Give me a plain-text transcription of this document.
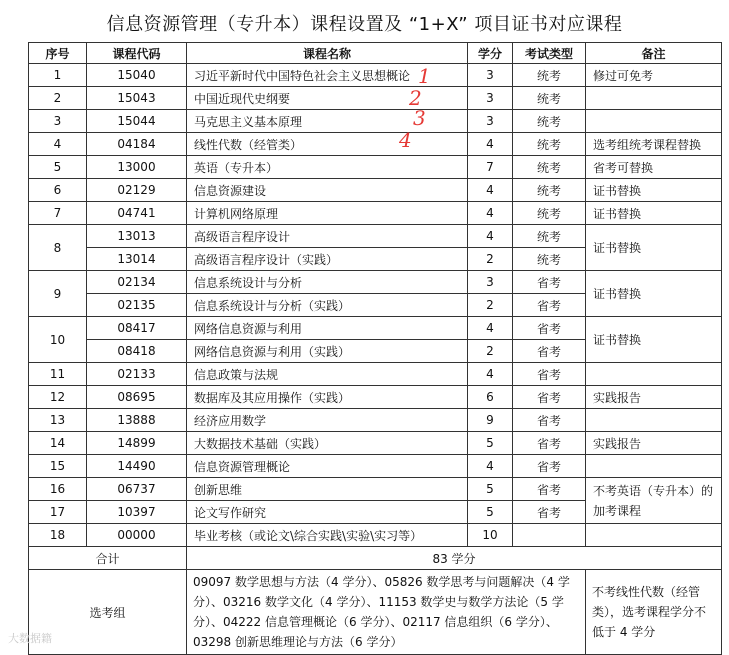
信息资源管理（专升本）课程设置及 “1+X” 项目证书对应课程
序号	课程代码	课程名称	学分	考试类型	备注
1	15040	习近平新时代中国特色社会主义思想概论	3	统考	修过可免考
2	15043	中国近现代史纲要	3	统考	
3	15044	马克思主义基本原理	3	统考	
4	04184	线性代数（经管类）	4	统考	选考组统考课程替换
5	13000	英语（专升本）	7	统考	省考可替换
6	02129	信息资源建设	4	统考	证书替换
7	04741	计算机网络原理	4	统考	证书替换
8	13013	高级语言程序设计	4	统考	证书替换
	13014	高级语言程序设计（实践）	2	统考	
9	02134	信息系统设计与分析	3	省考	证书替换
	02135	信息系统设计与分析（实践）	2	省考	
10	08417	网络信息资源与利用	4	省考	证书替换
	08418	网络信息资源与利用（实践）	2	省考	
11	02133	信息政策与法规	4	省考	
12	08695	数据库及其应用操作（实践）	6	省考	实践报告
13	13888	经济应用数学	9	省考	
14	14899	大数据技术基础（实践）	5	省考	实践报告
15	14490	信息资源管理概论	4	省考	
16	06737	创新思维	5	省考	不考英语（专升本）的加考课程
17	10397	论文写作研究	5	省考	
18	00000	毕业考核（或论文\综合实践\实验\实习等）	10		
合计		83 学分			
选考组		09097 数学思想与方法（4 学分）、05826 数学思考与问题解决（4 学分）、03216 数学文化（4 学分）、11153 数学史与数学方法论（5 学分）、04222 信息管理概论（6 学分）、02117 信息组织（6 学分）、03298 创新思维理论与方法（6 学分）			不考线性代数（经管类），选考课程学分不低于 4 学分
1
2
3
4
大数据籍
